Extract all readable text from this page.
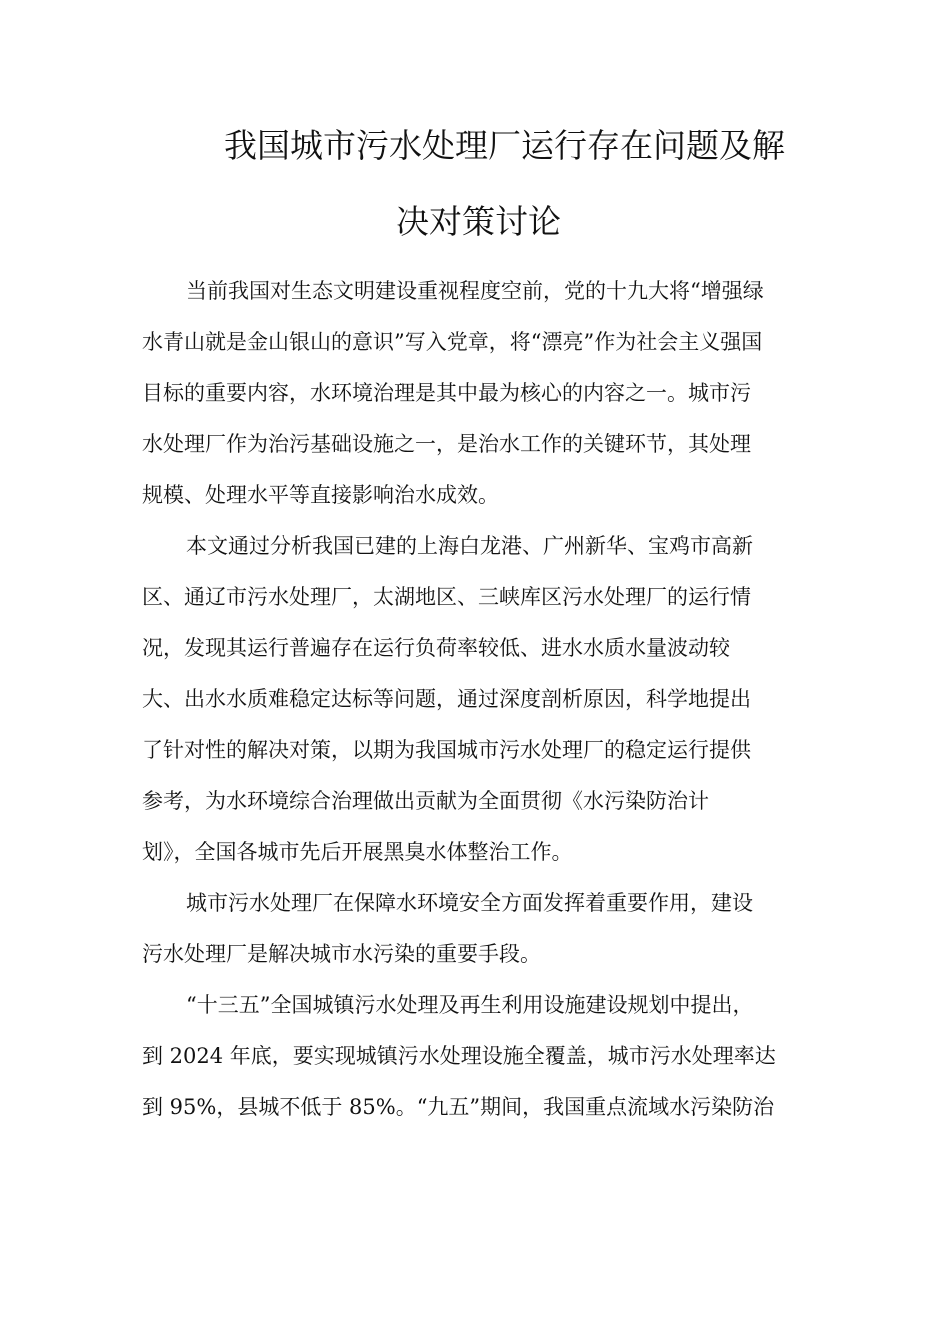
我国城市污水处理厂运行存在问题及解
决对策讨论

当前我国对生态文明建设重视程度空前，党的十九大将“增强绿

水青山就是金山银山的意识”写入党章，将“漂亮”作为社会主义强国

目标的重要内容，水环境治理是其中最为核心的内容之一。城市污

水处理厂作为治污基础设施之一，是治水工作的关键环节，其处理

规模、处理水平等直接影响治水成效。

本文通过分析我国已建的上海白龙港、广州新华、宝鸡市高新

区、通辽市污水处理厂，太湖地区、三峡库区污水处理厂的运行情

况，发现其运行普遍存在运行负荷率较低、进水水质水量波动较

大、出水水质难稳定达标等问题，通过深度剖析原因，科学地提出

了针对性的解决对策，以期为我国城市污水处理厂的稳定运行提供

参考，为水环境综合治理做出贡献为全面贯彻《水污染防治计

划》，全国各城市先后开展黑臭水体整治工作。

城市污水处理厂在保障水环境安全方面发挥着重要作用，建设

污水处理厂是解决城市水污染的重要手段。

“十三五”全国城镇污水处理及再生利用设施建设规划中提出，

到 2024 年底，要实现城镇污水处理设施全覆盖，城市污水处理率达

到 95%，县城不低于 85%。“九五”期间，我国重点流域水污染防治
